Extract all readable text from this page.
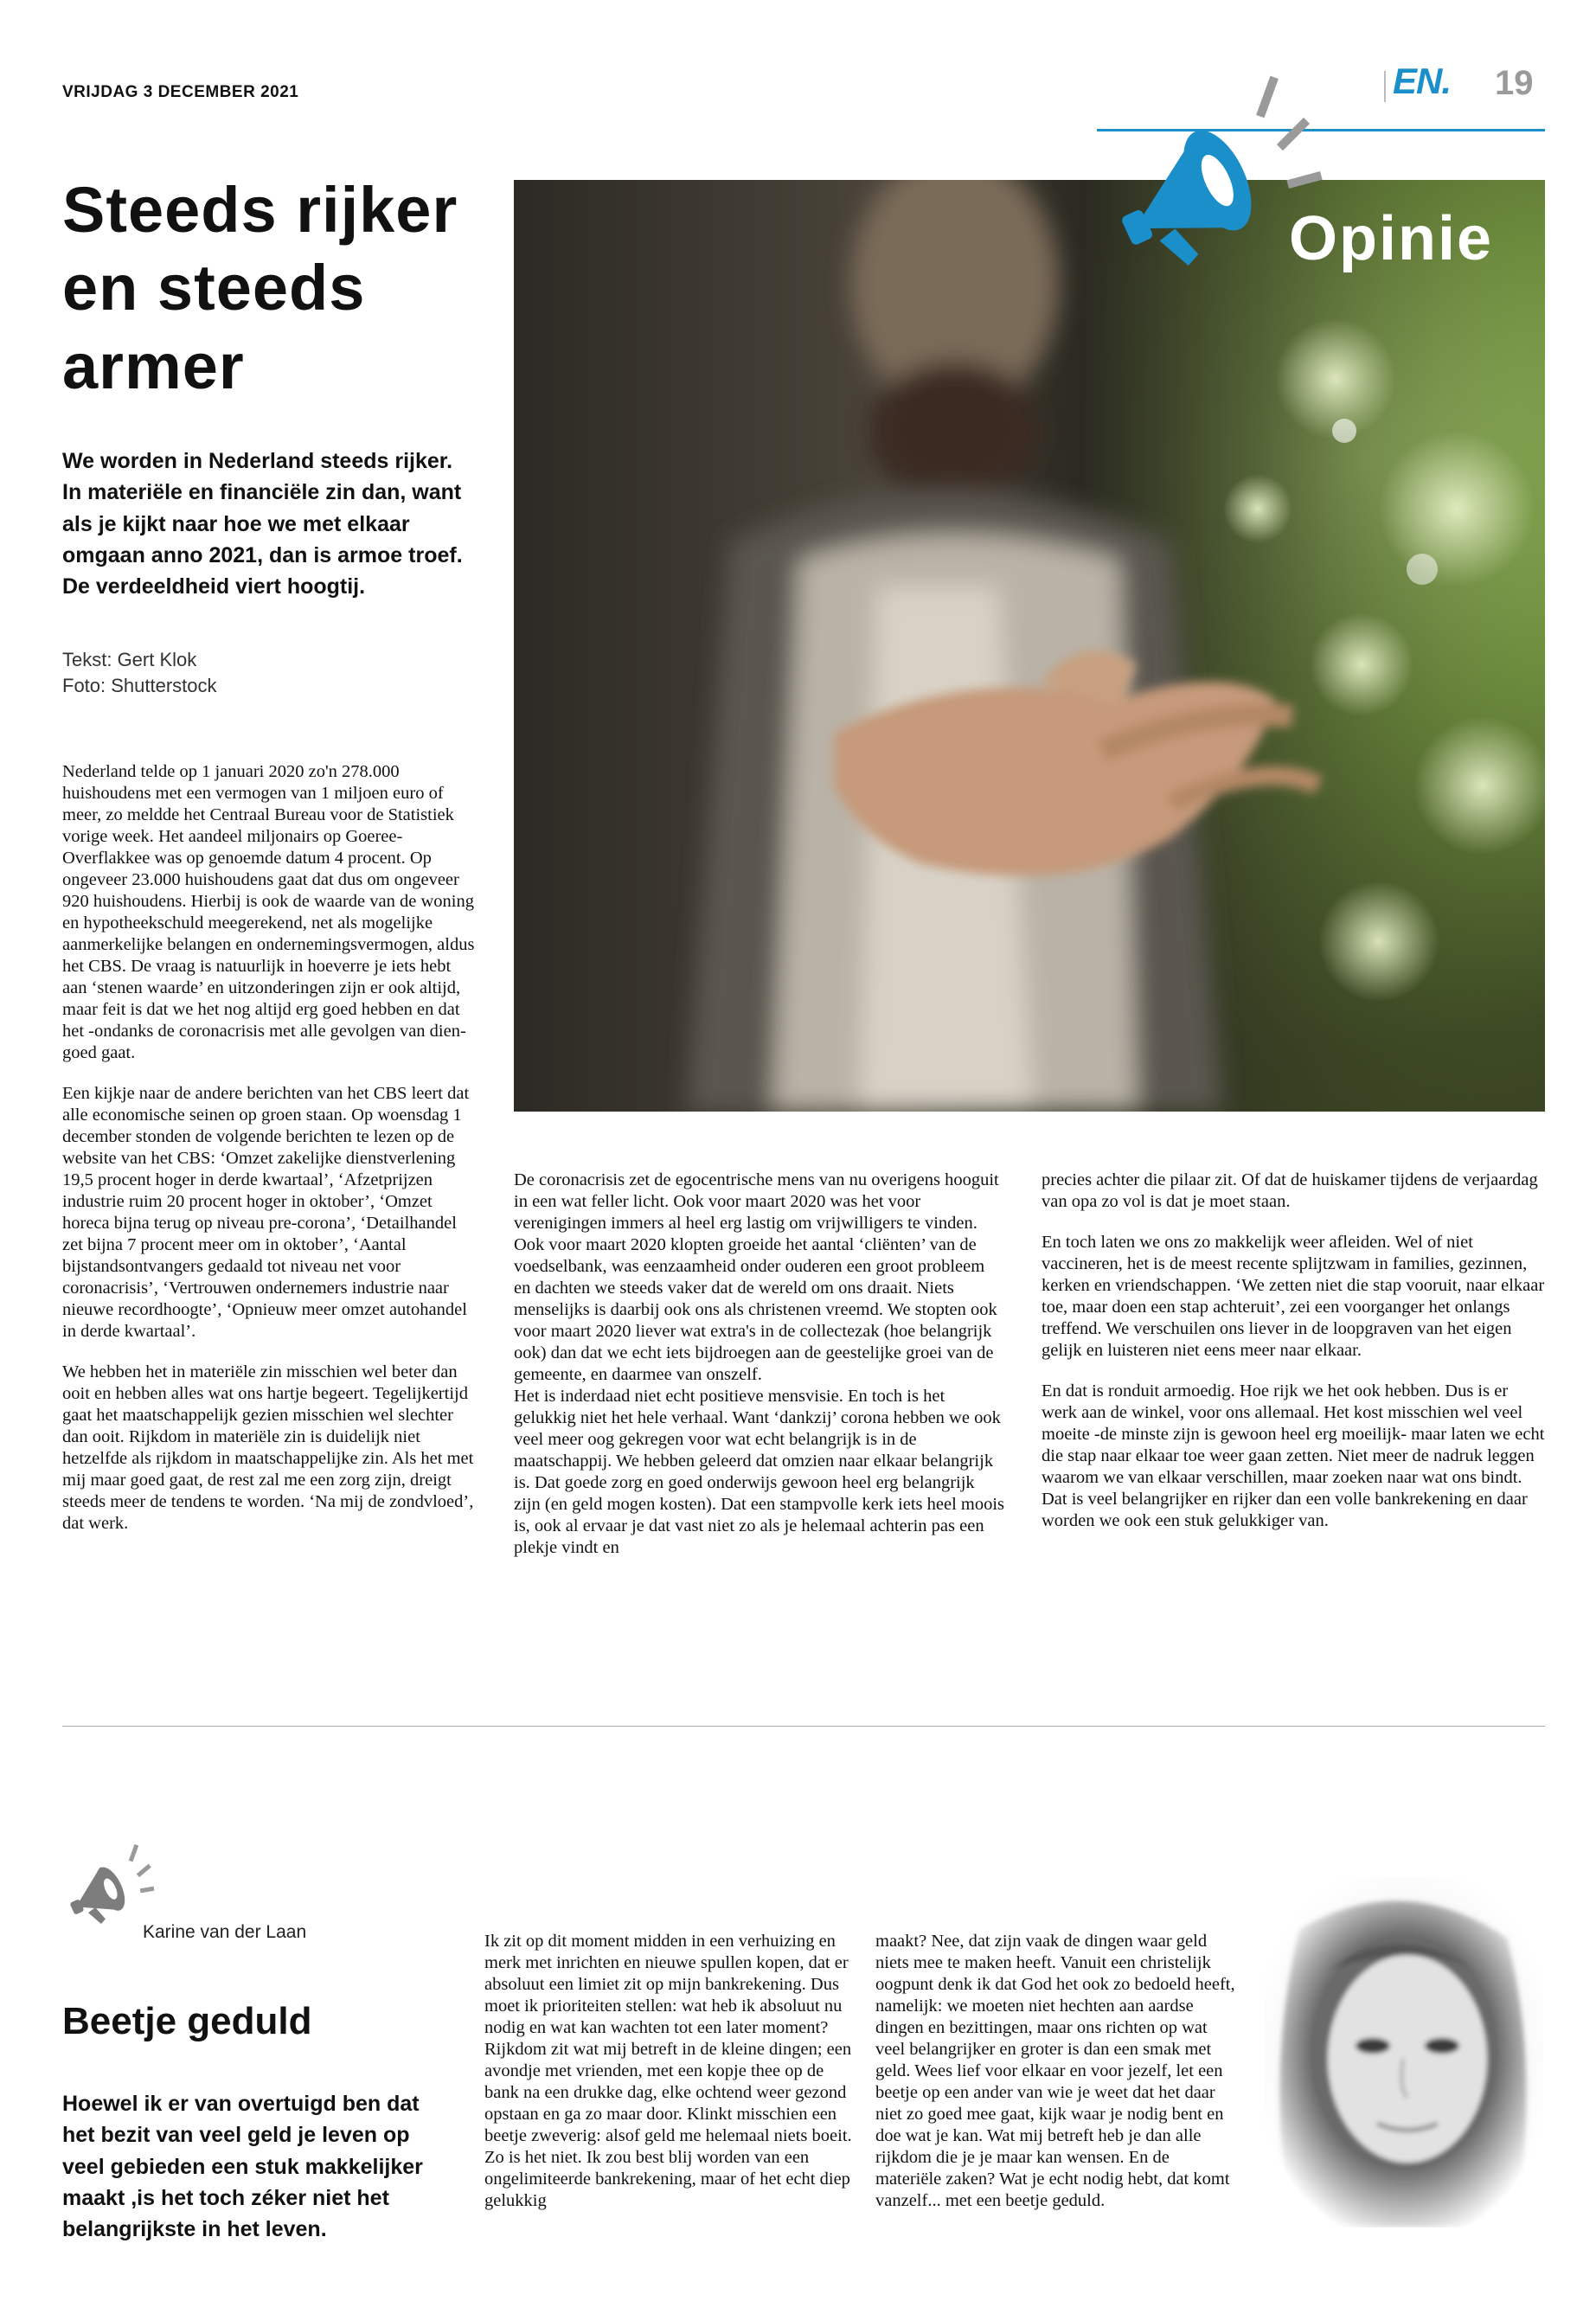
VRIJDAG 3 DECEMBER 2021	EN. 19
Steeds rijker
en steeds
armer
We worden in Nederland steeds rijker.
In materiële en financiële zin dan, want
als je kijkt naar hoe we met elkaar
omgaan anno 2021, dan is armoe troef.
De verdeeldheid viert hoogtij.
Tekst: Gert Klok
Foto: Shutterstock
Opinie

Nederland telde op 1 januari 2020 zo'n 278.000 huishoudens met een vermogen van 1 miljoen euro of meer, zo meldde het Centraal Bureau voor de Statistiek vorige week. Het aandeel miljonairs op Goeree-Overflakkee was op genoemde datum 4 procent. Op ongeveer 23.000 huishoudens gaat dat dus om ongeveer 920 huishoudens. Hierbij is ook de waarde van de woning en hypotheekschuld meegerekend, net als mogelijke aanmerkelijke belangen en ondernemingsvermogen, aldus het CBS. De vraag is natuurlijk in hoeverre je iets hebt aan ‘stenen waarde’ en uitzonderingen zijn er ook altijd, maar feit is dat we het nog altijd erg goed hebben en dat het -ondanks de coronacrisis met alle gevolgen van dien- goed gaat.

Een kijkje naar de andere berichten van het CBS leert dat alle economische seinen op groen staan. Op woensdag 1 december stonden de volgende berichten te lezen op de website van het CBS: ‘Omzet zakelijke dienstverlening 19,5 procent hoger in derde kwartaal’, ‘Afzetprijzen industrie ruim 20 procent hoger in oktober’, ‘Omzet horeca bijna terug op niveau pre-corona’, ‘Detailhandel zet bijna 7 procent meer om in oktober’, ‘Aantal bijstandsontvangers gedaald tot niveau net voor coronacrisis’, ‘Vertrouwen ondernemers industrie naar nieuwe recordhoogte’, ‘Opnieuw meer omzet autohandel in derde kwartaal’.

We hebben het in materiële zin misschien wel beter dan ooit en hebben alles wat ons hartje begeert. Tegelijkertijd gaat het maatschappelijk gezien misschien wel slechter dan ooit. Rijkdom in materiële zin is duidelijk niet hetzelfde als rijkdom in maatschappelijke zin. Als het met mij maar goed gaat, de rest zal me een zorg zijn, dreigt steeds meer de tendens te worden. ‘Na mij de zondvloed’, dat werk.

De coronacrisis zet de egocentrische mens van nu overigens hooguit in een wat feller licht. Ook voor maart 2020 was het voor verenigingen immers al heel erg lastig om vrijwilligers te vinden. Ook voor maart 2020 klopten groeide het aantal ‘cliënten’ van de voedselbank, was eenzaamheid onder ouderen een groot probleem en dachten we steeds vaker dat de wereld om ons draait. Niets menselijks is daarbij ook ons als christenen vreemd. We stopten ook voor maart 2020 liever wat extra's in de collectezak (hoe belangrijk ook) dan dat we echt iets bijdroegen aan de geestelijke groei van de gemeente, en daarmee van onszelf.

Het is inderdaad niet echt positieve mensvisie. En toch is het gelukkig niet het hele verhaal. Want ‘dankzij’ corona hebben we ook veel meer oog gekregen voor wat echt belangrijk is in de maatschappij. We hebben geleerd dat omzien naar elkaar belangrijk is. Dat goede zorg en goed onderwijs gewoon heel erg belangrijk zijn (en geld mogen kosten). Dat een stampvolle kerk iets heel moois is, ook al ervaar je dat vast niet zo als je helemaal achterin pas een plekje vindt en

precies achter die pilaar zit. Of dat de huiskamer tijdens de verjaardag van opa zo vol is dat je moet staan.

En toch laten we ons zo makkelijk weer afleiden. Wel of niet vaccineren, het is de meest recente splijtzwam in families, gezinnen, kerken en vriendschappen. ‘We zetten niet die stap vooruit, naar elkaar toe, maar doen een stap achteruit’, zei een voorganger het onlangs treffend. We verschuilen ons liever in de loopgraven van het eigen gelijk en luisteren niet eens meer naar elkaar.

En dat is ronduit armoedig. Hoe rijk we het ook hebben. Dus is er werk aan de winkel, voor ons allemaal. Het kost misschien wel veel moeite -de minste zijn is gewoon heel erg moeilijk- maar laten we echt die stap naar elkaar toe weer gaan zetten. Niet meer de nadruk leggen waarom we van elkaar verschillen, maar zoeken naar wat ons bindt. Dat is veel belangrijker en rijker dan een volle bankrekening en daar worden we ook een stuk gelukkiger van.

Karine van der Laan
Beetje geduld
Hoewel ik er van overtuigd ben dat
het bezit van veel geld je leven op
veel gebieden een stuk makkelijker
maakt ,is het toch zéker niet het
belangrijkste in het leven.

Ik zit op dit moment midden in een verhuizing en merk met inrichten en nieuwe spullen kopen, dat er absoluut een limiet zit op mijn bankrekening. Dus moet ik prioriteiten stellen: wat heb ik absoluut nu nodig en wat kan wachten tot een later moment? Rijkdom zit wat mij betreft in de kleine dingen; een avondje met vrienden, met een kopje thee op de bank na een drukke dag, elke ochtend weer gezond opstaan en ga zo maar door. Klinkt misschien een beetje zweverig: alsof geld me helemaal niets boeit. Zo is het niet. Ik zou best blij worden van een ongelimiteerde bankrekening, maar of het echt diep gelukkig

maakt? Nee, dat zijn vaak de dingen waar geld niets mee te maken heeft. Vanuit een christelijk oogpunt denk ik dat God het ook zo bedoeld heeft, namelijk: we moeten niet hechten aan aardse dingen en bezittingen, maar ons richten op wat veel belangrijker en groter is dan een smak met geld. Wees lief voor elkaar en voor jezelf, let een beetje op een ander van wie je weet dat het daar niet zo goed mee gaat, kijk waar je nodig bent en doe wat je kan. Wat mij betreft heb je dan alle rijkdom die je je maar kan wensen. En de materiële zaken? Wat je echt nodig hebt, dat komt vanzelf... met een beetje geduld.
